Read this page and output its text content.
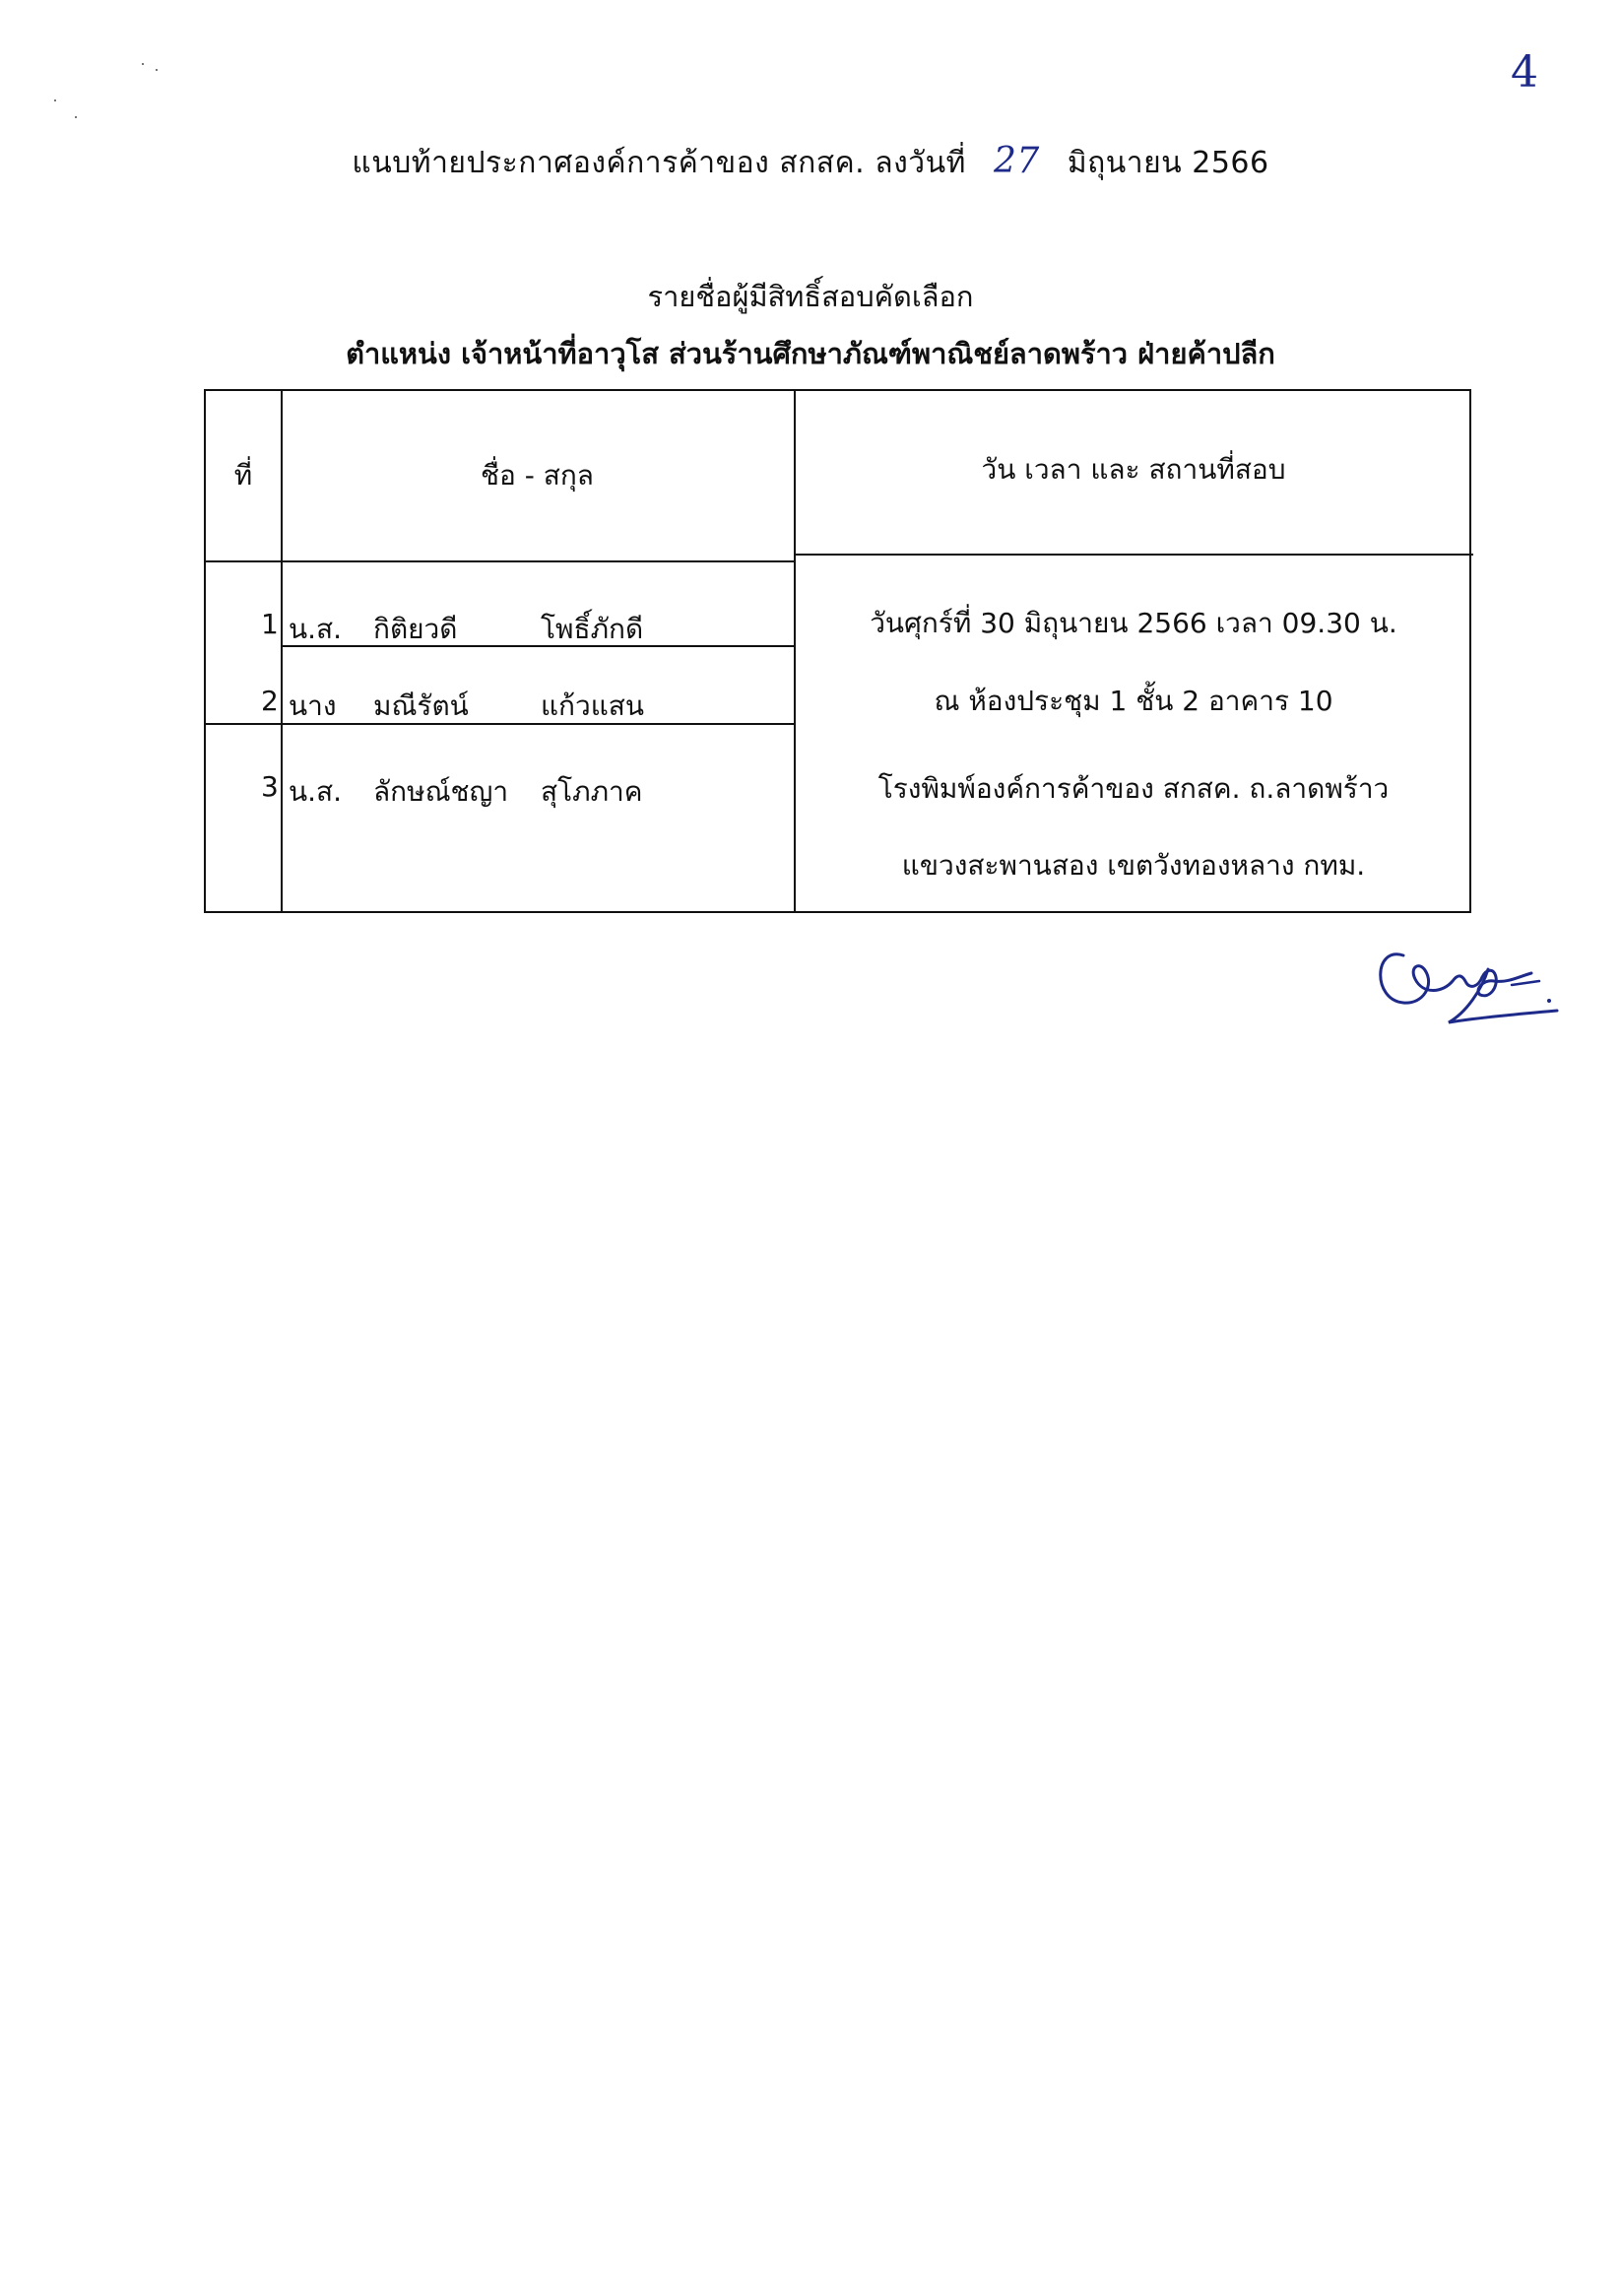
4
แนบท้ายประกาศองค์การค้าของ สกสค. ลงวันที่ 27 มิถุนายน 2566
รายชื่อผู้มีสิทธิ์สอบคัดเลือก
ตำแหน่ง เจ้าหน้าที่อาวุโส ส่วนร้านศึกษาภัณฑ์พาณิชย์ลาดพร้าว ฝ่ายค้าปลีก
ที่	ชื่อ - สกุล	วัน เวลา และ สถานที่สอบ
1 น.ส. กิติยวดี	โพธิ์ภักดี
2 นาง มณีรัตน์	แก้วแสน
3 น.ส. ลักษณ์ชญา สุโภภาค
วันศุกร์ที่ 30 มิถุนายน 2566 เวลา 09.30 น.
ณ ห้องประชุม 1 ชั้น 2 อาคาร 10
โรงพิมพ์องค์การค้าของ สกสค. ถ.ลาดพร้าว
แขวงสะพานสอง เขตวังทองหลาง กทม.
